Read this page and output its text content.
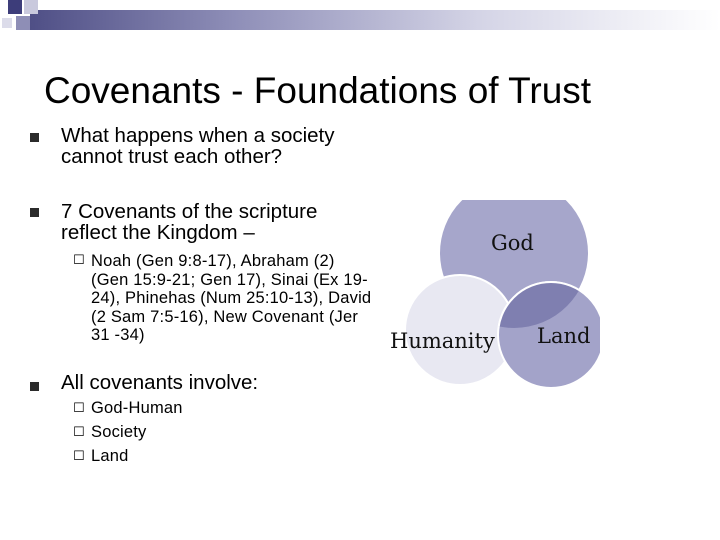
Covenants - Foundations of Trust
What happens when a society cannot trust each other?
7 Covenants of the scripture reflect the Kingdom –
☐ Noah (Gen 9:8-17), Abraham (2) (Gen 15:9-21; Gen 17), Sinai (Ex 19-24), Phinehas (Num 25:10-13), David (2 Sam 7:5-16), New Covenant (Jer 31 -34)
All covenants involve:
☐ God-Human
☐ Society
☐ Land
God
Humanity Land
